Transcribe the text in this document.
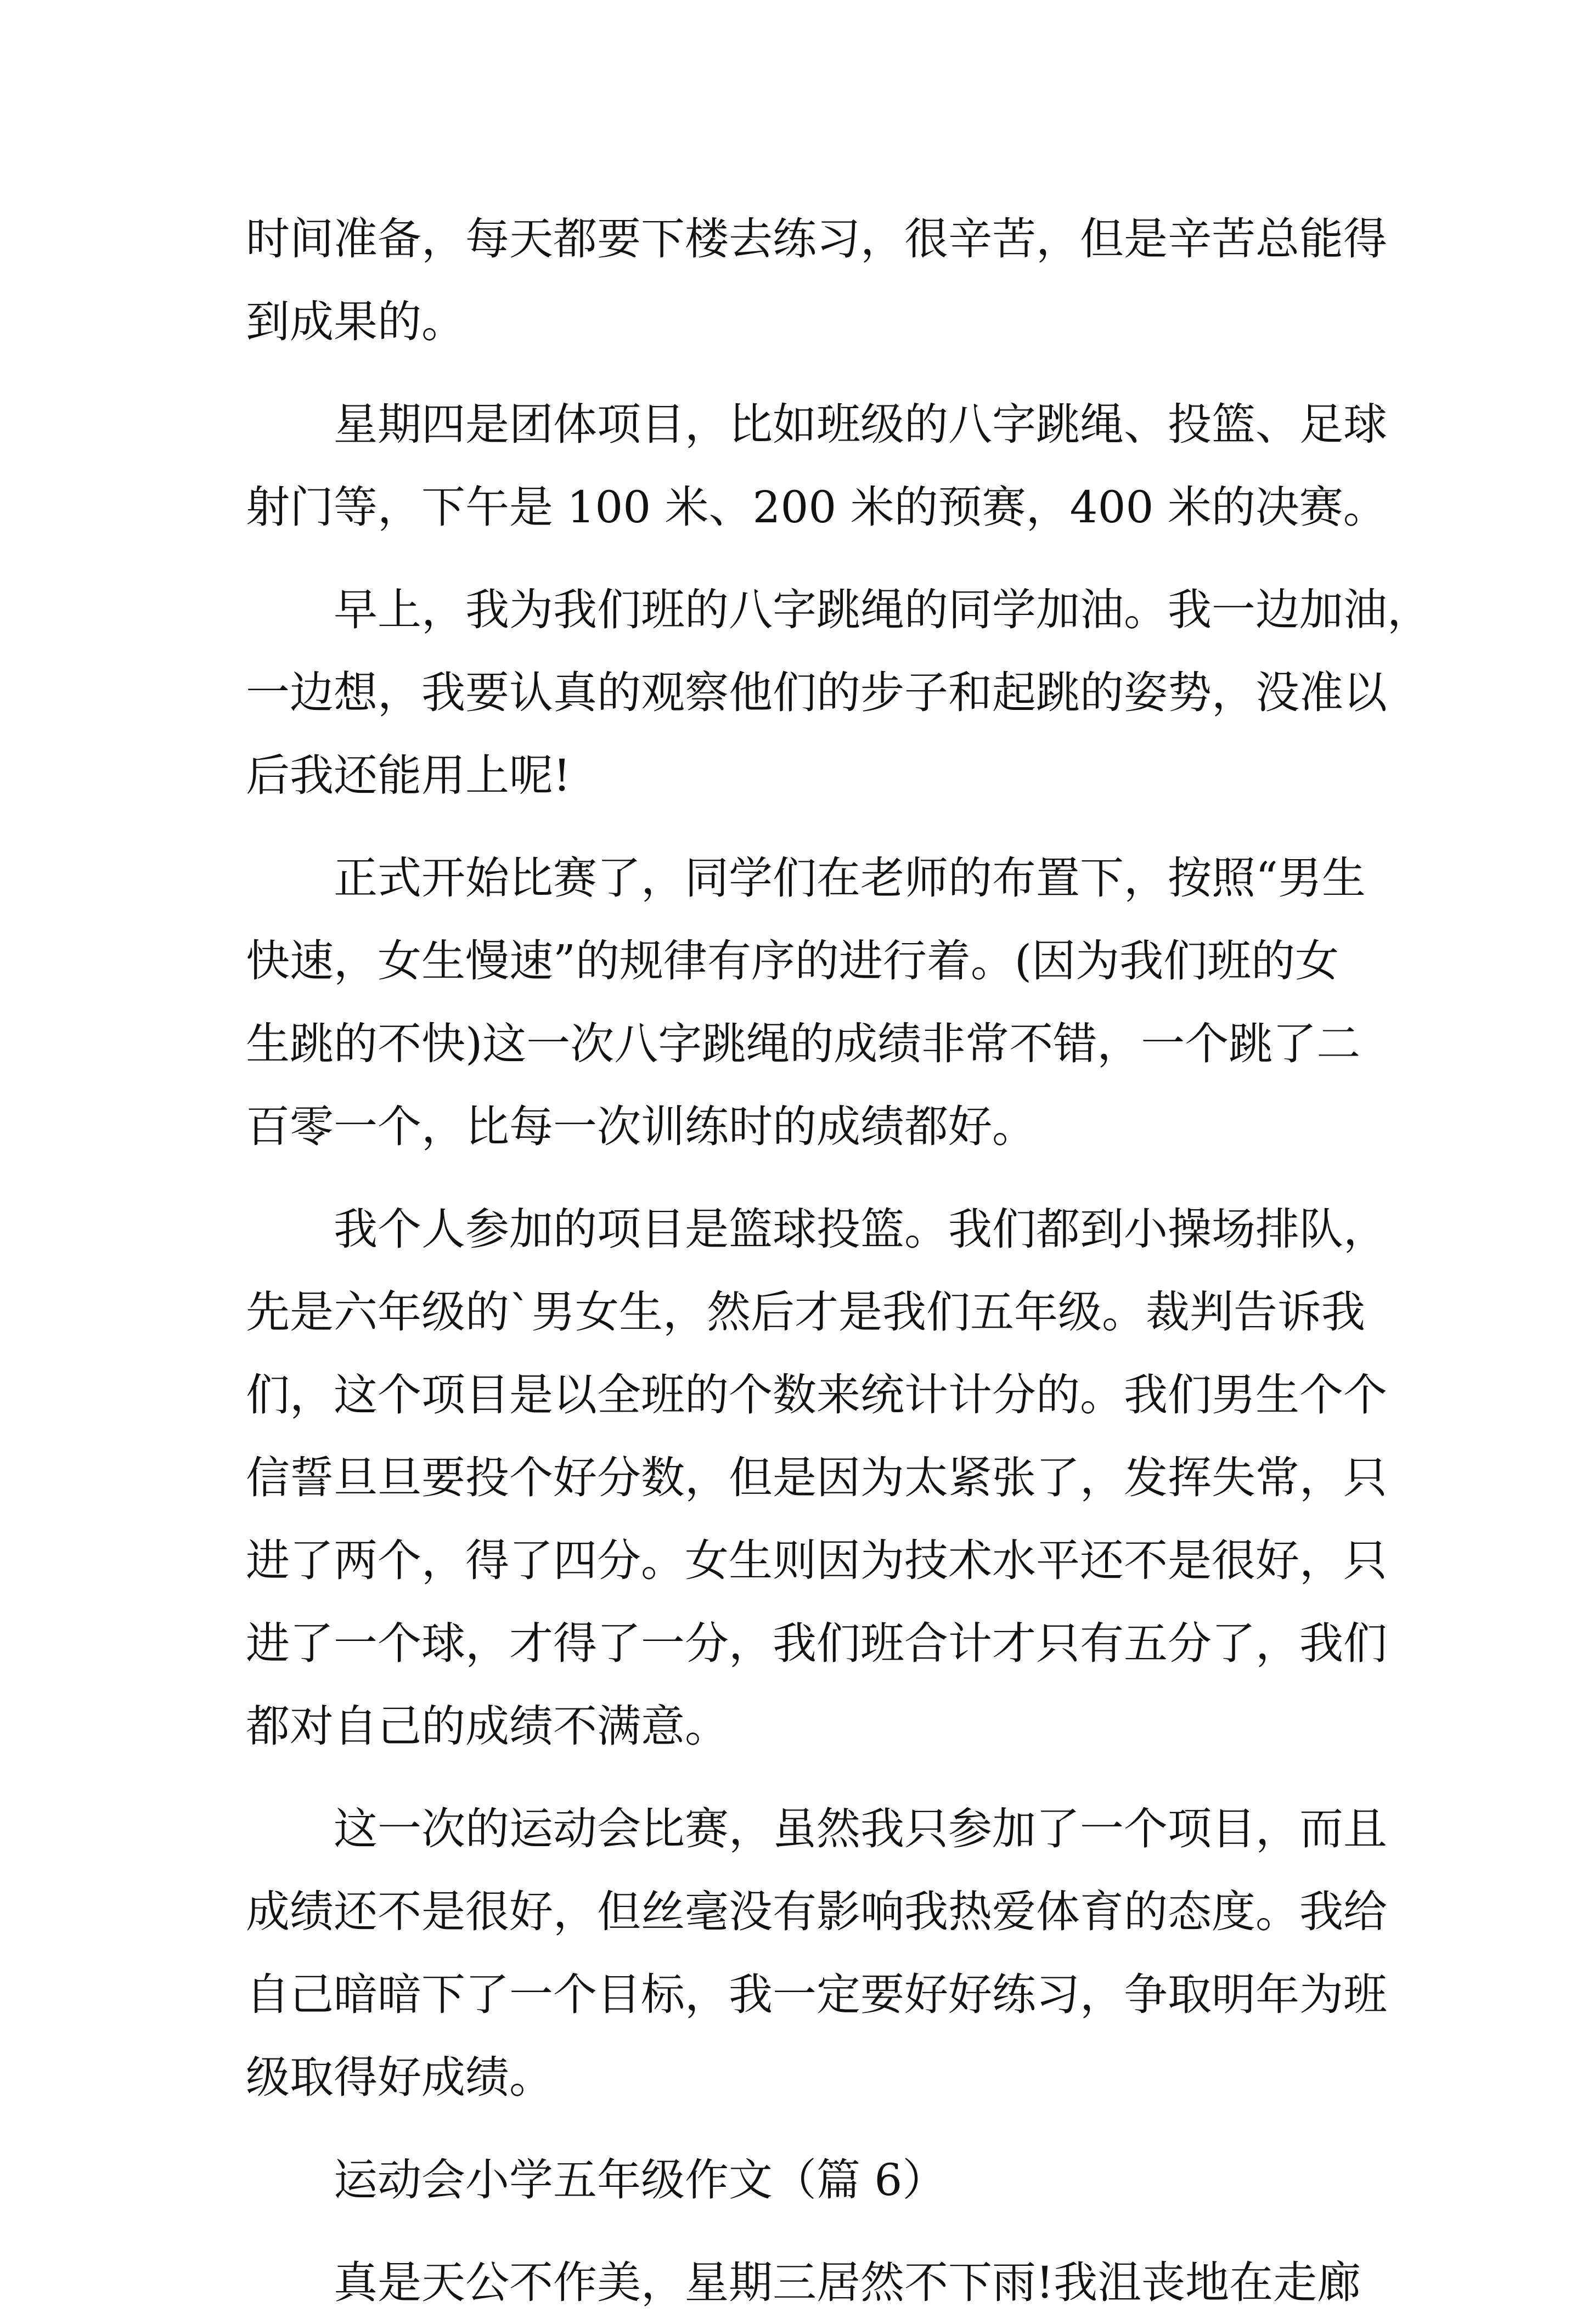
时间准备，每天都要下楼去练习，很辛苦，但是辛苦总能得
到成果的。
星期四是团体项目，比如班级的八字跳绳、投篮、足球
射门等，下午是 100 米、200 米的预赛，400 米的决赛。
早上，我为我们班的八字跳绳的同学加油。我一边加油，
一边想，我要认真的观察他们的步子和起跳的姿势，没准以
后我还能用上呢!
正式开始比赛了，同学们在老师的布置下，按照“男生
快速，女生慢速”的规律有序的进行着。(因为我们班的女
生跳的不快)这一次八字跳绳的成绩非常不错，一个跳了二
百零一个，比每一次训练时的成绩都好。
我个人参加的项目是篮球投篮。我们都到小操场排队，
先是六年级的`男女生，然后才是我们五年级。裁判告诉我
们，这个项目是以全班的个数来统计计分的。我们男生个个
信誓旦旦要投个好分数，但是因为太紧张了，发挥失常，只
进了两个，得了四分。女生则因为技术水平还不是很好，只
进了一个球，才得了一分，我们班合计才只有五分了，我们
都对自己的成绩不满意。
这一次的运动会比赛，虽然我只参加了一个项目，而且
成绩还不是很好，但丝毫没有影响我热爱体育的态度。我给
自己暗暗下了一个目标，我一定要好好练习，争取明年为班
级取得好成绩。
运动会小学五年级作文（篇 6）
真是天公不作美，星期三居然不下雨!我沮丧地在走廊
